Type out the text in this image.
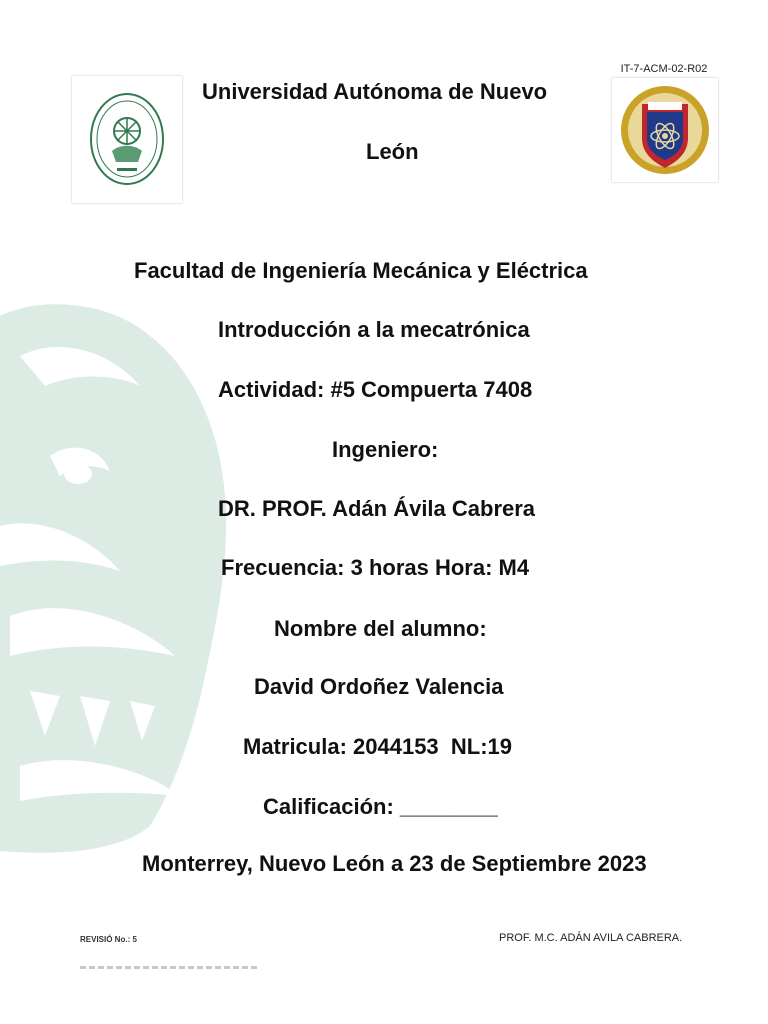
IT-7-ACM-02-R02
Universidad Autónoma de Nuevo
León

Facultad de Ingeniería Mecánica y Eléctrica

Introducción a la mecatrónica

Actividad: #5 Compuerta 7408

Ingeniero:

DR. PROF. Adán Ávila Cabrera

Frecuencia: 3 horas Hora: M4

Nombre del alumno:

David Ordoñez Valencia

Matricula: 2044153  NL:19

Calificación: ________

Monterrey, Nuevo León a 23 de Septiembre 2023

REVISIÓ No.: 5	PROF. M.C. ADÁN AVILA CABRERA.
